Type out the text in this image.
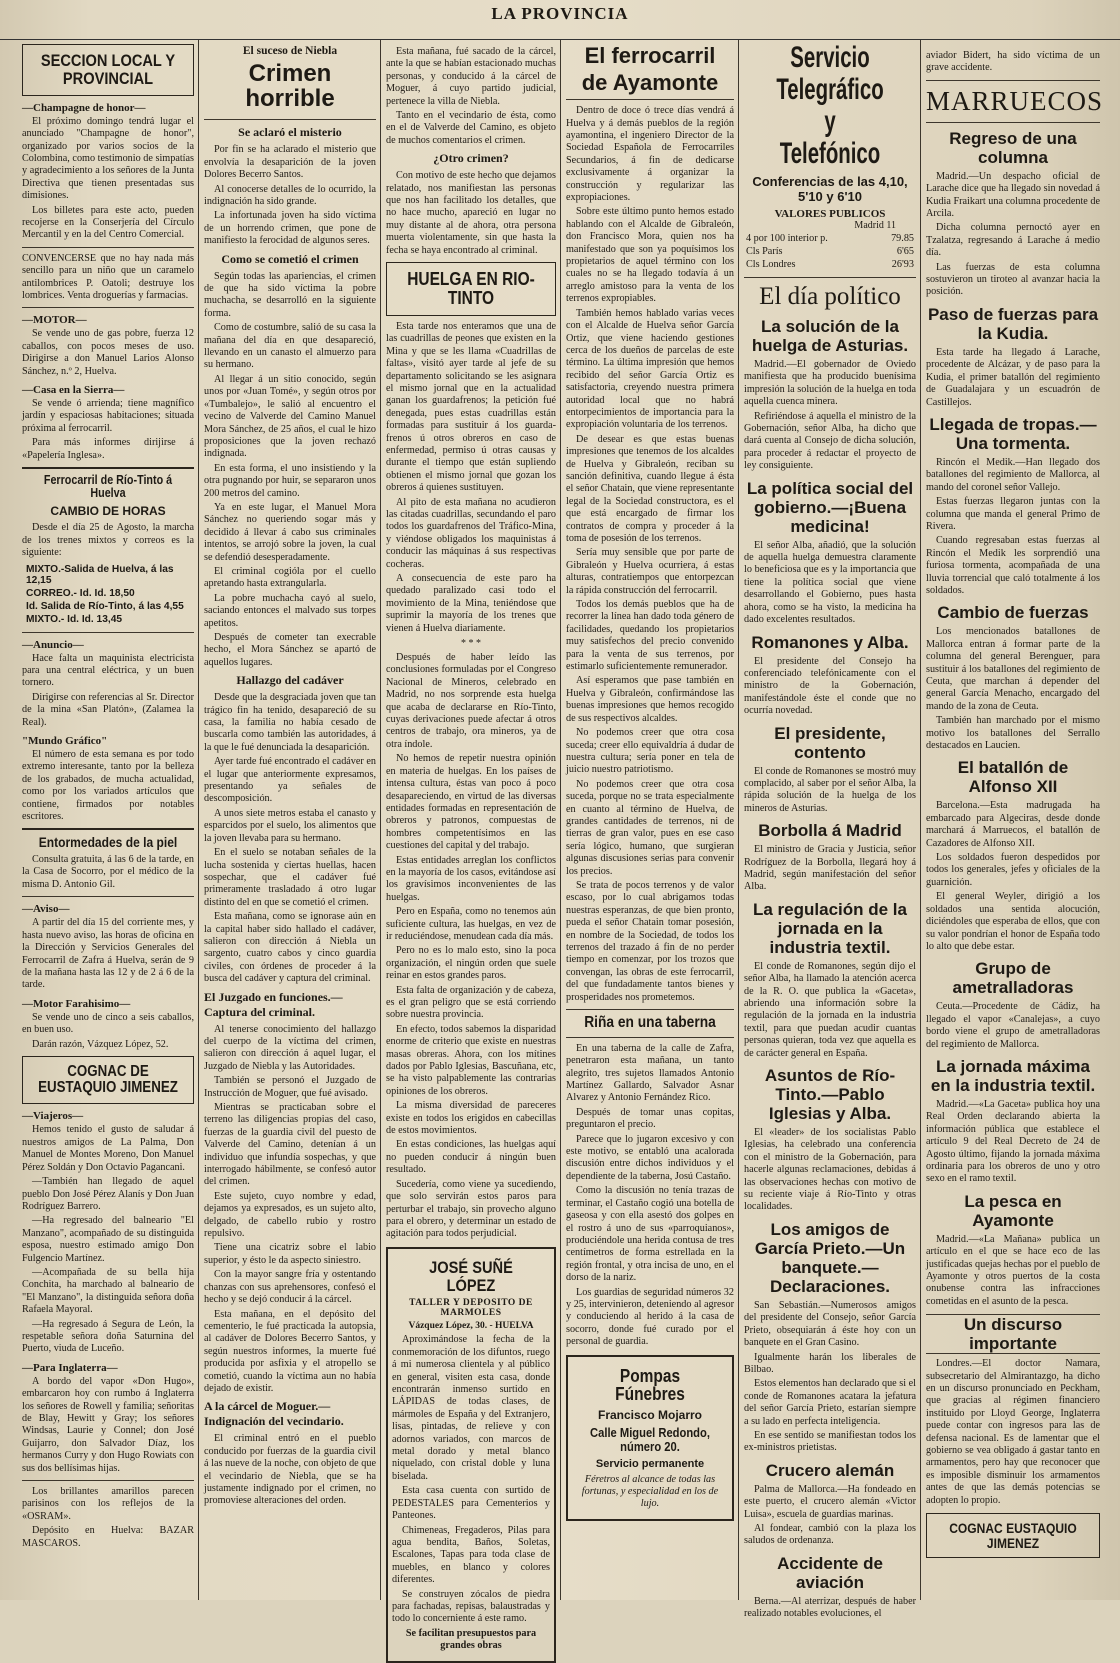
LA PROVINCIA
SECCION LOCAL Y PROVINCIAL
—Champagne de honor—

El próximo domingo tendrá lugar el anunciado "Champagne de honor", organizado por varios socios de la Colombina, como testimonio de simpatías y agradecimiento a los señores de la Junta Directiva que tienen presentadas sus dimisiones.

Los billetes para este acto, pueden recojerse en la Conserjería del Círculo Mercantil y en la del Centro Comercial.

CONVENCERSE que no hay nada más sencillo para un niño que un caramelo antilombrices P. Oatoli; destruye los lombrices. Venta droguerías y farmacias.

—MOTOR—

Se vende uno de gas pobre, fuerza 12 caballos, con pocos meses de uso. Dirigirse a don Manuel Larios Alonso Sánchez, n.º 2, Huelva.

—Casa en la Sierra—

Se vende ó arrienda; tiene magnífico jardín y espaciosas habitaciones; situada próxima al ferrocarril.

Para más informes dirijirse á «Papelería Inglesa».

Ferrocarril de Río-Tinto á Huelva
CAMBIO DE HORAS

Desde el día 25 de Agosto, la marcha de los trenes mixtos y correos es la siguiente:

MIXTO.-Salida de Huelva, á las 12,15
CORREO.- Id. Id. 18,50
Id. Salida de Río-Tinto, á las 4,55
MIXTO.- Id. Id. 13,45
—Anuncio—

Hace falta un maquinista electricista para una central eléctrica, y un buen tornero.

Dirigirse con referencias al Sr. Director de la mina «San Platón», (Zalamea la Real).

"Mundo Gráfico"

El número de esta semana es por todo extremo interesante, tanto por la belleza de los grabados, de mucha actualidad, como por los variados artículos que contiene, firmados por notables escritores.

Entormedades de la piel

Consulta gratuita, á las 6 de la tarde, en la Casa de Socorro, por el médico de la misma D. Antonio Gil.

—Aviso—

A partir del día 15 del corriente mes, y hasta nuevo aviso, las horas de oficina en la Dirección y Servicios Generales del Ferrocarril de Zafra á Huelva, serán de 9 de la mañana hasta las 12 y de 2 á 6 de la tarde.

—Motor Farahisimo—

Se vende uno de cinco a seis caballos, en buen uso.

Darán razón, Vázquez López, 52.

COGNAC DE EUSTAQUIO JIMENEZ
—Viajeros—

Hemos tenido el gusto de saludar á nuestros amigos de La Palma, Don Manuel de Montes Moreno, Don Manuel Pérez Soldán y Don Octavio Pagancani.

—También han llegado de aquel pueblo Don José Pérez Alanís y Don Juan Rodríguez Barrero.

—Ha regresado del balneario "El Manzano", acompañado de su distinguida esposa, nuestro estimado amigo Don Fulgencio Martínez.

—Acompañada de su bella hija Conchita, ha marchado al balneario de "El Manzano", la distinguida señora doña Rafaela Mayoral.

—Ha regresado á Segura de León, la respetable señora doña Saturnina del Puerto, viuda de Luceño.

—Para Inglaterra—

A bordo del vapor «Don Hugo», embarcaron hoy con rumbo á Inglaterra los señores de Rowell y familia; señoritas de Blay, Hewitt y Gray; los señores Windsas, Laurie y Connel; don José Guijarro, don Salvador Díaz, los hermanos Curry y don Hugo Rowiats con sus dos bellísimas hijas.

Los brillantes amarillos parecen parisinos con los reflejos de la «OSRAM».

Depósito en Huelva: BAZAR MASCAROS.

El suceso de Niebla
Crimen horrible
Se aclaró el misterio

Por fin se ha aclarado el misterio que envolvía la desaparición de la joven Dolores Becerro Santos.

Al conocerse detalles de lo ocurrido, la indignación ha sido grande.

La infortunada joven ha sido víctima de un horrendo crimen, que pone de manifiesto la ferocidad de algunos seres.

Como se cometió el crimen

Según todas las apariencias, el crimen de que ha sido víctima la pobre muchacha, se desarrolló en la siguiente forma.

Como de costumbre, salió de su casa la mañana del día en que desapareció, llevando en un canasto el almuerzo para su hermano.

Al llegar á un sitio conocido, según unos por «Juan Tomé», y según otros por «Tumbalejo», le salió al encuentro el vecino de Valverde del Camino Manuel Mora Sánchez, de 25 años, el cual le hizo proposiciones que la joven rechazó indignada.

En esta forma, el uno insistiendo y la otra pugnando por huir, se separaron unos 200 metros del camino.

Ya en este lugar, el Manuel Mora Sánchez no queriendo sogar más y decidido á llevar á cabo sus criminales intentos, se arrojó sobre la joven, la cual se defendió desesperadamente.

El criminal cogióla por el cuello apretando hasta extrangularla.

La pobre muchacha cayó al suelo, saciando entonces el malvado sus torpes apetitos.

Después de cometer tan execrable hecho, el Mora Sánchez se apartó de aquellos lugares.

Hallazgo del cadáver

Desde que la desgraciada joven que tan trágico fin ha tenido, desapareció de su casa, la familia no había cesado de buscarla como también las autoridades, á la que le fué denunciada la desaparición.

Ayer tarde fué encontrado el cadáver en el lugar que anteriormente expresamos, presentando ya señales de descomposición.

A unos siete metros estaba el canasto y esparcidos por el suelo, los alimentos que la joven llevaba para su hermano.

En el suelo se notaban señales de la lucha sostenida y ciertas huellas, hacen sospechar, que el cadáver fué primeramente trasladado á otro lugar distinto del en que se cometió el crimen.

Esta mañana, como se ignorase aún en la capital haber sido hallado el cadáver, salieron con dirección á Niebla un sargento, cuatro cabos y cinco guardia civiles, con órdenes de proceder á la busca del cadáver y captura del criminal.

El Juzgado en funciones.—Captura del criminal.

Al tenerse conocimiento del hallazgo del cuerpo de la víctima del crimen, salieron con dirección á aquel lugar, el Juzgado de Niebla y las Autoridades.

También se personó el Juzgado de Instrucción de Moguer, que fué avisado.

Mientras se practicaban sobre el terreno las diligencias propias del caso, fuerzas de la guardia civil del puesto de Valverde del Camino, detenían á un individuo que infundía sospechas, y que interrogado hábilmente, se confesó autor del crimen.

Este sujeto, cuyo nombre y edad, dejamos ya expresados, es un sujeto alto, delgado, de cabello rubio y rostro repulsivo.

Tiene una cicatriz sobre el labio superior, y ésto le da aspecto siniestro.

Con la mayor sangre fría y ostentando chanzas con sus aprehensores, confesó el hecho y se dejó conducir á la cárcel.

Esta mañana, en el depósito del cementerio, le fué practicada la autopsia, al cadáver de Dolores Becerro Santos, y según nuestros informes, la muerte fué producida por asfixia y el atropello se cometió, cuando la víctima aun no había dejado de existir.

A la cárcel de Moguer.—Indignación del vecindario.

El criminal entró en el pueblo conducido por fuerzas de la guardia civil á las nueve de la noche, con objeto de que el vecindario de Niebla, que se ha justamente indignado por el crimen, no promoviese alteraciones del orden.

Esta mañana, fué sacado de la cárcel, ante la que se habían estacionado muchas personas, y conducido á la cárcel de Moguer, á cuyo partido judicial, pertenece la villa de Niebla.

Tanto en el vecindario de ésta, como en el de Valverde del Camino, es objeto de muchos comentarios el crimen.

¿Otro crimen?

Con motivo de este hecho que dejamos relatado, nos manifiestan las personas que nos han facilitado los detalles, que no hace mucho, apareció en lugar no muy distante al de ahora, otra persona muerta violentamente, sin que hasta la fecha se haya encontrado al criminal.

HUELGA EN RIO-TINTO

Esta tarde nos enteramos que una de las cuadrillas de peones que existen en la Mina y que se les llama «Cuadrillas de faltas», visitó ayer tarde al jefe de su departamento solicitando se les asignara el mismo jornal que en la actualidad ganan los guardafrenos; la petición fué denegada, pues estas cuadrillas están formadas para sustituir á los guarda-frenos ú otros obreros en caso de enfermedad, permiso ú otras causas y durante el tiempo que están supliendo obtienen el mismo jornal que gozan los obreros á quienes sustituyen.

Al pito de esta mañana no acudieron las citadas cuadrillas, secundando el paro todos los guardafrenos del Tráfico-Mina, y viéndose obligados los maquinistas á conducir las máquinas á sus respectivas cocheras.

A consecuencia de este paro ha quedado paralizado casi todo el movimiento de la Mina, teniéndose que suprimir la mayoría de los trenes que vienen á Huelva diariamente.

* * *

Después de haber leído las conclusiones formuladas por el Congreso Nacional de Mineros, celebrado en Madrid, no nos sorprende esta huelga que acaba de declararse en Río-Tinto, cuyas derivaciones puede afectar á otros centros de trabajo, ora mineros, ya de otra índole.

No hemos de repetir nuestra opinión en materia de huelgas. En los países de intensa cultura, éstas van poco á poco desapareciendo, en virtud de las diversas entidades formadas en representación de obreros y patronos, compuestas de hombres competentísimos en las cuestiones del capital y del trabajo.

Estas entidades arreglan los conflictos en la mayoría de los casos, evitándose así los gravísimos inconvenientes de las huelgas.

Pero en España, como no tenemos aún suficiente cultura, las huelgas, en vez de ir reduciéndose, menudean cada día más.

Pero no es lo malo esto, sino la poca organización, el ningún orden que suele reinar en estos grandes paros.

Esta falta de organización y de cabeza, es el gran peligro que se está corriendo sobre nuestra provincia.

En efecto, todos sabemos la disparidad enorme de criterio que existe en nuestras masas obreras. Ahora, con los mítines dados por Pablo Iglesias, Bascuñana, etc, se ha visto palpablemente las contrarias opiniones de los obreros.

La misma diversidad de pareceres existe en todos los erigidos en cabecillas de estos movimientos.

En estas condiciones, las huelgas aquí no pueden conducir á ningún buen resultado.

Sucedería, como viene ya sucediendo, que solo servirán estos paros para perturbar el trabajo, sin provecho alguno para el obrero, y determinar un estado de agitación para todos perjudicial.

JOSÉ SUÑÉ LÓPEZ
TALLER Y DEPOSITO DE MARMOLES
Vázquez López, 30. - HUELVA

Aproximándose la fecha de la conmemoración de los difuntos, ruego á mi numerosa clientela y al público en general, visiten esta casa, donde encontrarán inmenso surtido en LÁPIDAS de todas clases, de mármoles de España y del Extranjero, lisas, pintadas, de relieve y con adornos variados, con marcos de metal dorado y metal blanco niquelado, con cristal doble y luna biselada.

Esta casa cuenta con surtido de PEDESTALES para Cementerios y Panteones.

Chimeneas, Fregaderos, Pilas para agua bendita, Baños, Soletas, Escalones, Tapas para toda clase de muebles, en blanco y colores diferentes.

Se construyen zócalos de piedra para fachadas, repisas, balaustradas y todo lo concerniente á este ramo.

Se facilitan presupuestos para grandes obras

El ferrocarril
de Ayamonte

Dentro de doce ó trece días vendrá á Huelva y á demás pueblos de la región ayamontina, el ingeniero Director de la Sociedad Española de Ferrocarriles Secundarios, á fin de dedicarse exclusivamente á organizar la construcción y regularizar las expropiaciones.

Sobre este último punto hemos estado hablando con el Alcalde de Gibraleón, don Francisco Mora, quien nos ha manifestado que son ya poquísimos los propietarios de aquel término con los cuales no se ha llegado todavía á un arreglo amistoso para la venta de los terrenos expropiables.

También hemos hablado varias veces con el Alcalde de Huelva señor García Ortiz, que viene haciendo gestiones cerca de los dueños de parcelas de este término. La última impresión que hemos recibido del señor García Ortiz es satisfactoria, creyendo nuestra primera autoridad local que no habrá entorpecimientos de importancia para la expropiación voluntaria de los terrenos.

De desear es que estas buenas impresiones que tenemos de los alcaldes de Huelva y Gibraleón, reciban su sanción definitiva, cuando llegue á ésta el señor Chatain, que viene representante legal de la Sociedad constructora, es el que está encargado de firmar los contratos de compra y proceder á la toma de posesión de los terrenos.

Sería muy sensible que por parte de Gibraleón y Huelva ocurriera, á estas alturas, contratiempos que entorpezcan la rápida construcción del ferrocarril.

Todos los demás pueblos que ha de recorrer la línea han dado toda género de facilidades, quedando los propietarios muy satisfechos del precio convenido para la venta de sus terrenos, por estimarlo suficientemente remunerador.

Así esperamos que pase también en Huelva y Gibraleón, confirmándose las buenas impresiones que hemos recogido de sus respectivos alcaldes.

No podemos creer que otra cosa suceda; creer ello equivaldría á dudar de nuestra cultura; sería poner en tela de juicio nuestro patriotismo.

No podemos creer que otra cosa suceda, porque no se trata especialmente en cuanto al término de Huelva, de grandes cantidades de terrenos, ni de tierras de gran valor, pues en ese caso sería lógico, humano, que surgieran algunas discusiones serias para convenir los precios.

Se trata de pocos terrenos y de valor escaso, por lo cual abrigamos todas nuestras esperanzas, de que bien pronto, pueda el señor Chatain tomar posesión, en nombre de la Sociedad, de todos los terrenos del trazado á fin de no perder tiempo en comenzar, por los trozos que convengan, las obras de este ferrocarril, del que fundadamente tantos bienes y prosperidades nos prometemos.

Riña en una taberna

En una taberna de la calle de Zafra, penetraron esta mañana, un tanto alegrito, tres sujetos llamados Antonio Martínez Gallardo, Salvador Asnar Alvarez y Antonio Fernández Rico.

Después de tomar unas copitas, preguntaron el precio.

Parece que lo jugaron excesivo y con este motivo, se entabló una acalorada discusión entre dichos individuos y el dependiente de la taberna, Josú Castaño.

Como la discusión no tenía trazas de terminar, el Castaño cogió una botella de gaseosa y con ella asestó dos golpes en el rostro á uno de sus «parroquianos», produciéndole una herida contusa de tres centímetros de forma estrellada en la región frontal, y otra incisa de uno, en el dorso de la nariz.

Los guardias de seguridad números 32 y 25, intervinieron, deteniendo al agresor y conduciendo al herido á la casa de socorro, donde fué curado por el personal de guardia.

Pompas Fúnebres
Francisco Mojarro
Calle Miguel Redondo, número 20.
Servicio permanente

Féretros al alcance de todas las fortunas, y especialidad en los de lujo.

Servicio Telegráfico y Telefónico
Conferencias de las 4,10, 5'10 y 6'10
VALORES PUBLICOS
Madrid 11
4 por 100 interior p.	79.85
Cls París	6'65
Cls Londres	26'93
El día político
La solución de la huelga de Asturias.

Madrid.—El gobernador de Oviedo manifiesta que ha producido buenísima impresión la solución de la huelga en toda aquella cuenca minera.

Refiriéndose á aquella el ministro de la Gobernación, señor Alba, ha dicho que dará cuenta al Consejo de dicha solución, para proceder á redactar el proyecto de ley consiguiente.

La política social del gobierno.—¡Buena medicina!

El señor Alba, añadió, que la solución de aquella huelga demuestra claramente lo beneficiosa que es y la importancia que tiene la política social que viene desarrollando el Gobierno, pues hasta ahora, como se ha visto, la medicina ha dado excelentes resultados.

Romanones y Alba.

El presidente del Consejo ha conferenciado telefónicamente con el ministro de la Gobernación, manifestándole éste el conde que no ocurría novedad.

El presidente, contento

El conde de Romanones se mostró muy complacido, al saber por el señor Alba, la rápida solución de la huelga de los mineros de Asturias.

Borbolla á Madrid

El ministro de Gracia y Justicia, señor Rodríguez de la Borbolla, llegará hoy á Madrid, según manifestación del señor Alba.

La regulación de la jornada en la industria textil.

El conde de Romanones, según dijo el señor Alba, ha llamado la atención acerca de la R. O. que publica la «Gaceta», abriendo una información sobre la regulación de la jornada en la industria textil, para que puedan acudir cuantas personas quieran, toda vez que aquella es de carácter general en España.

Asuntos de Río-Tinto.—Pablo Iglesias y Alba.

El «leader» de los socialistas Pablo Iglesias, ha celebrado una conferencia con el ministro de la Gobernación, para hacerle algunas reclamaciones, debidas á las observaciones hechas con motivo de su reciente viaje á Río-Tinto y otras localidades.

Los amigos de García Prieto.—Un banquete.—Declaraciones.

San Sebastián.—Numerosos amigos del presidente del Consejo, señor García Prieto, obsequiarán á éste hoy con un banquete en el Gran Casino.

Igualmente harán los liberales de Bilbao.

Estos elementos han declarado que si el conde de Romanones acatara la jefatura del señor García Prieto, estarían siempre a su lado en perfecta inteligencia.

En ese sentido se manifiestan todos los ex-ministros prietistas.

Crucero alemán

Palma de Mallorca.—Ha fondeado en este puerto, el crucero alemán «Victor Luisa», escuela de guardias marinas.

Al fondear, cambió con la plaza los saludos de ordenanza.

Accidente de aviación

Berna.—Al aterrizar, después de haber realizado notables evoluciones, el

aviador Bidert, ha sido víctima de un grave accidente.

MARRUECOS
Regreso de una columna

Madrid.—Un despacho oficial de Larache dice que ha llegado sin novedad á Kudia Fraikart una columna procedente de Arcila.

Dicha columna pernoctó ayer en Tzalatza, regresando á Larache á medio día.

Las fuerzas de esta columna sostuvieron un tiroteo al avanzar hacia la posición.

Paso de fuerzas para la Kudia.

Esta tarde ha llegado á Larache, procedente de Alcázar, y de paso para la Kudia, el primer batallón del regimiento de Guadalajara y un escuadrón de Castillejos.

Llegada de tropas.—Una tormenta.

Rincón el Medik.—Han llegado dos batallones del regimiento de Mallorca, al mando del coronel señor Vallejo.

Estas fuerzas llegaron juntas con la columna que manda el general Primo de Rivera.

Cuando regresaban estas fuerzas al Rincón el Medik les sorprendió una furiosa tormenta, acompañada de una lluvia torrencial que caló totalmente á los soldados.

Cambio de fuerzas

Los mencionados batallones de Mallorca entran á formar parte de la columna del general Berenguer, para sustituir á los batallones del regimiento de Ceuta, que marchan á depender del general García Menacho, encargado del mando de la zona de Ceuta.

También han marchado por el mismo motivo los batallones del Serrallo destacados en Laucien.

El batallón de Alfonso XII

Barcelona.—Esta madrugada ha embarcado para Algeciras, desde donde marchará á Marruecos, el batallón de Cazadores de Alfonso XII.

Los soldados fueron despedidos por todos los generales, jefes y oficiales de la guarnición.

El general Weyler, dirigió a los soldados una sentida alocución, diciéndoles que esperaba de ellos, que con su valor pondrían el honor de España todo lo alto que debe estar.

Grupo de ametralladoras

Ceuta.—Procedente de Cádiz, ha llegado el vapor «Canalejas», a cuyo bordo viene el grupo de ametralladoras del regimiento de Mallorca.

La jornada máxima en la industria textil.

Madrid.—«La Gaceta» publica hoy una Real Orden declarando abierta la información pública que establece el artículo 9 del Real Decreto de 24 de Agosto último, fijando la jornada máxima ordinaria para los obreros de uno y otro sexo en el ramo textil.

La pesca en Ayamonte

Madrid.—«La Mañana» publica un artículo en el que se hace eco de las justificadas quejas hechas por el pueblo de Ayamonte y otros puertos de la costa onubense contra las infracciones cometidas en el asunto de la pesca.

Un discurso importante

Londres.—El doctor Namara, subsecretario del Almirantazgo, ha dicho en un discurso pronunciado en Peckham, que gracias al régimen financiero instituido por Lloyd George, Inglaterra puede contar con ingresos para las de defensa nacional. Es de lamentar que el gobierno se vea obligado á gastar tanto en armamentos, pero hay que reconocer que es imposible disminuir los armamentos antes de que las demás potencias se adopten lo propio.

COGNAC EUSTAQUIO JIMENEZ
